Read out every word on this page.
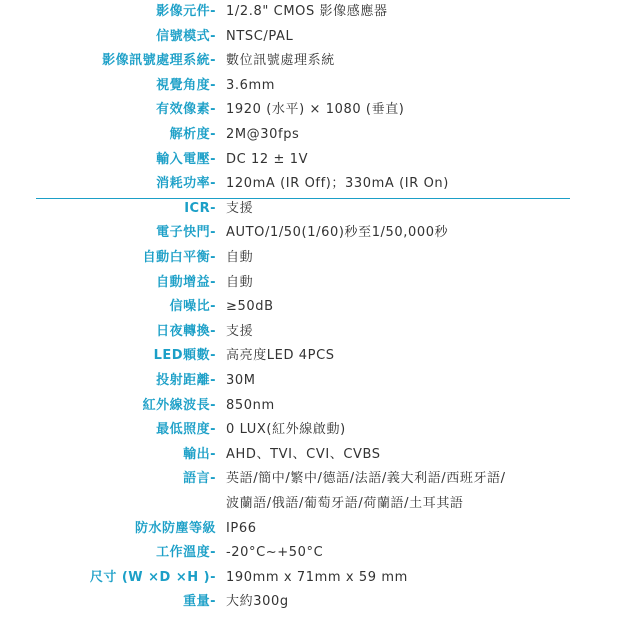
影像元件- 1/2.8" CMOS 影像感應器
信號模式- NTSC/PAL
影像訊號處理系統- 數位訊號處理系統
視覺角度- 3.6mm
有效像素- 1920 (水平) × 1080 (垂直)
解析度- 2M@30fps
輸入電壓- DC 12 ± 1V
消耗功率- 120mA (IR Off)；330mA (IR On)
ICR- 支援
電子快門- AUTO/1/50(1/60)秒至1/50,000秒
自動白平衡- 自動
自動增益- 自動
信噪比- ≥50dB
日夜轉換- 支援
LED顆數- 高亮度LED 4PCS
投射距離- 30M
紅外線波長- 850nm
最低照度- 0 LUX(紅外線啟動)
輸出- AHD、TVI、CVI、CVBS
語言- 英語/簡中/繁中/德語/法語/義大利語/西班牙語/
波蘭語/俄語/葡萄牙語/荷蘭語/土耳其語
防水防塵等級 IP66
工作溫度- -20°C~+50°C
尺寸 (W ×D ×H )- 190mm x 71mm x 59 mm
重量- 大約300g
